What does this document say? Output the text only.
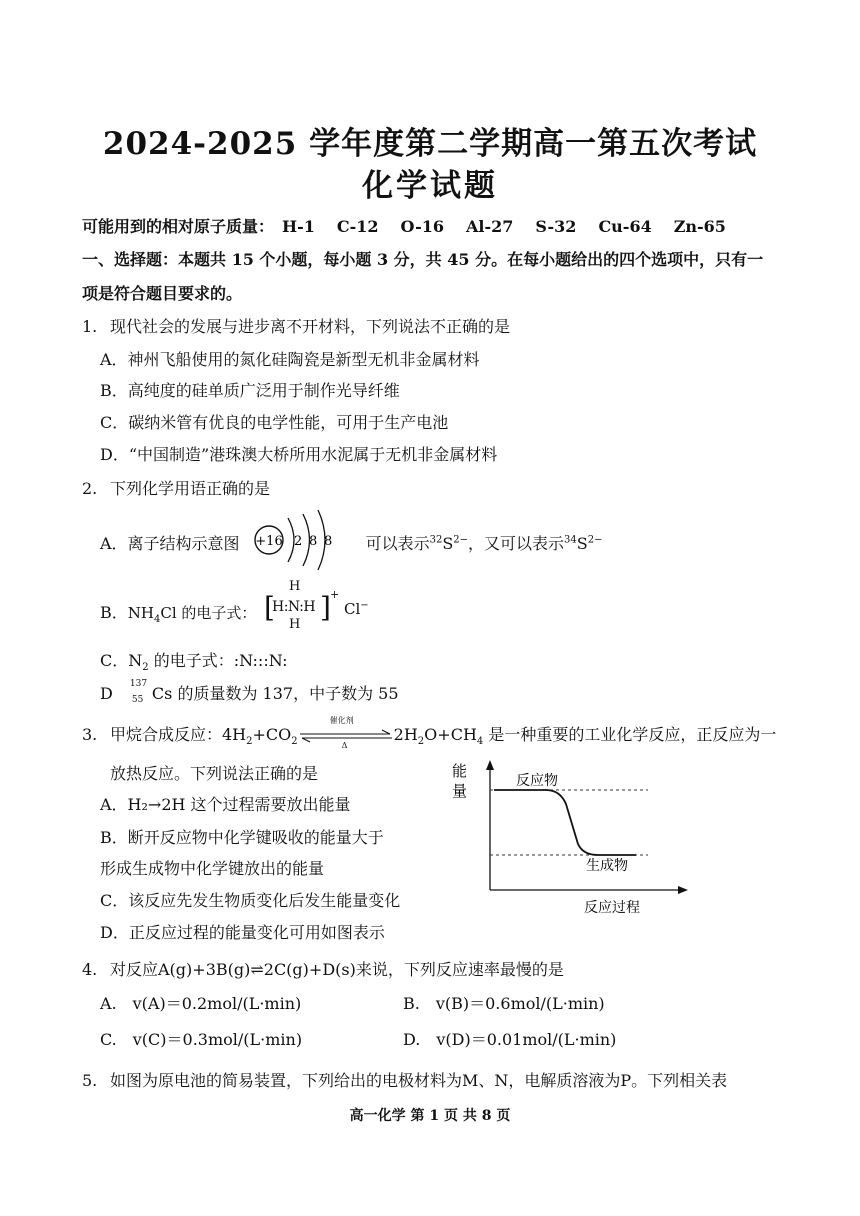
2024-2025 学年度第二学期高一第五次考试
化学试题
可能用到的相对原子质量： H-1 C-12 O-16 Al-27 S-32 Cu-64 Zn-65
一、选择题：本题共 15 个小题，每小题 3 分，共 45 分。在每小题给出的四个选项中，只有一
项是符合题目要求的。
1. 现代社会的发展与进步离不开材料，下列说法不正确的是
A．神州飞船使用的氮化硅陶瓷是新型无机非金属材料
B．高纯度的硅单质广泛用于制作光导纤维
C．碳纳米管有优良的电学性能，可用于生产电池
D．“中国制造”港珠澳大桥所用水泥属于无机非金属材料
2. 下列化学用语正确的是
A．离子结构示意图	可以表示$^{32}S^{2-}$，又可以表示$^{34}S^{2-}$
+16 2 8 8
B．$NH_4Cl$ 的电子式： [
H
H:N:H
H
] +
Cl−
C．$N_2$ 的电子式：:N:::N:
D
137
55 Cs 的质量数为 137，中子数为 55
3. 甲烷合成反应：$4H_2+CO_2$
催化剂
Δ
$2H_2O+CH_4$ 是一种重要的工业化学反应，正反应为一
放热反应。下列说法正确的是
A．H₂→2H 这个过程需要放出能量
B．断开反应物中化学键吸收的能量大于
形成生成物中化学键放出的能量
C．该反应先发生物质变化后发生能量变化
D．正反应过程的能量变化可用如图表示
能
量
反应物
生成物
反应过程
4. 对反应A(g)+3B(g)⇌2C(g)+D(s)来说，下列反应速率最慢的是
A.　v(A)＝0.2mol/(L·min)	B.　v(B)＝0.6mol/(L·min)
C.　v(C)＝0.3mol/(L·min)	D.　v(D)＝0.01mol/(L·min)
5. 如图为原电池的简易装置，下列给出的电极材料为M、N，电解质溶液为P。下列相关表
高一化学 第 1 页 共 8 页
